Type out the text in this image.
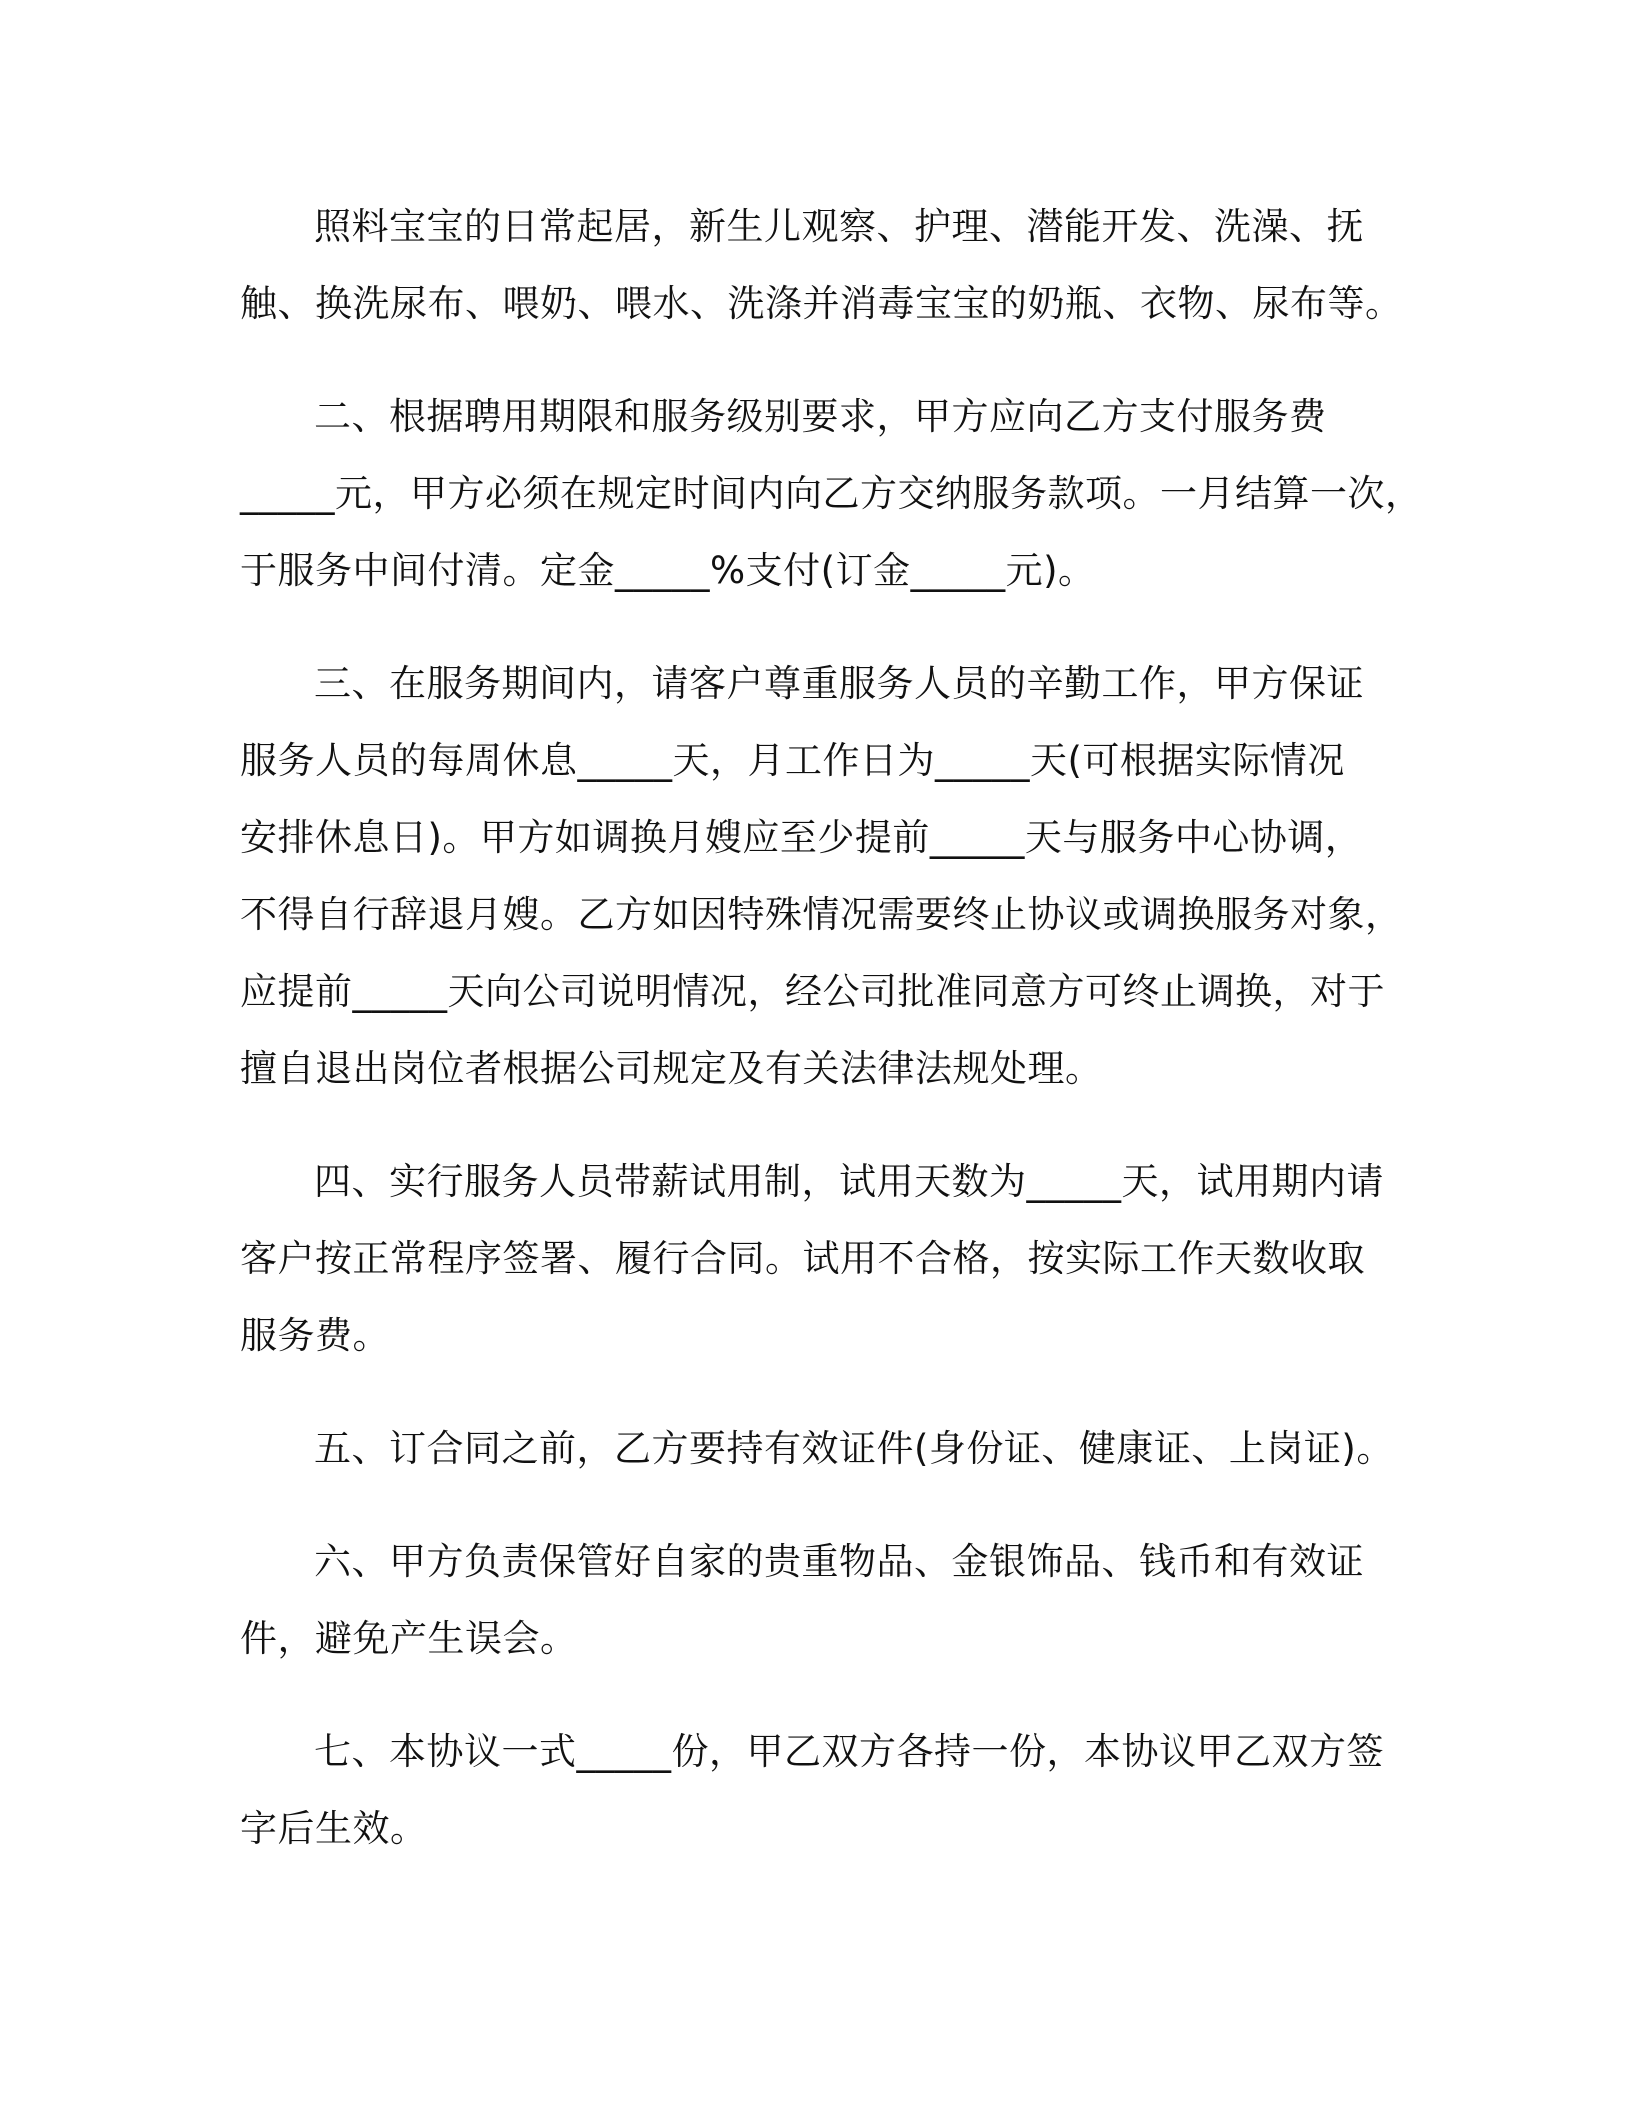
照料宝宝的日常起居，新生儿观察、护理、潜能开发、洗澡、抚
触、换洗尿布、喂奶、喂水、洗涤并消毒宝宝的奶瓶、衣物、尿布等。

二、根据聘用期限和服务级别要求，甲方应向乙方支付服务费
_____元，甲方必须在规定时间内向乙方交纳服务款项。一月结算一次，
于服务中间付清。定金_____%支付(订金_____元)。

三、在服务期间内，请客户尊重服务人员的辛勤工作，甲方保证
服务人员的每周休息_____天，月工作日为_____天(可根据实际情况
安排休息日)。甲方如调换月嫂应至少提前_____天与服务中心协调，
不得自行辞退月嫂。乙方如因特殊情况需要终止协议或调换服务对象，
应提前_____天向公司说明情况，经公司批准同意方可终止调换，对于
擅自退出岗位者根据公司规定及有关法律法规处理。

四、实行服务人员带薪试用制，试用天数为_____天，试用期内请
客户按正常程序签署、履行合同。试用不合格，按实际工作天数收取
服务费。

五、订合同之前，乙方要持有效证件(身份证、健康证、上岗证)。

六、甲方负责保管好自家的贵重物品、金银饰品、钱币和有效证
件，避免产生误会。

七、本协议一式_____份，甲乙双方各持一份，本协议甲乙双方签
字后生效。
